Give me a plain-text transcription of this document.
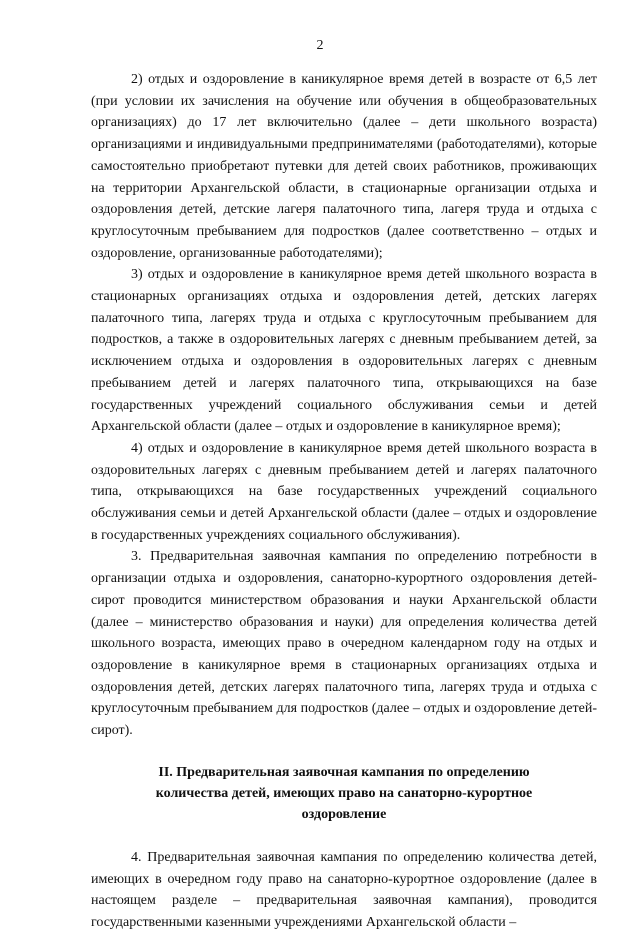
2

2) отдых и оздоровление в каникулярное время детей в возрасте от 6,5 лет (при условии их зачисления на обучение или обучения в общеобразовательных организациях) до 17 лет включительно (далее – дети школьного возраста) организациями и индивидуальными предпринимателями (работодателями), которые самостоятельно приобретают путевки для детей своих работников, проживающих на территории Архангельской области, в стационарные организации отдыха и оздоровления детей, детские лагеря палаточного типа, лагеря труда и отдыха с круглосуточным пребыванием для подростков (далее соответственно – отдых и оздоровление, организованные работодателями);

3) отдых и оздоровление в каникулярное время детей школьного возраста в стационарных организациях отдыха и оздоровления детей, детских лагерях палаточного типа, лагерях труда и отдыха с круглосуточным пребыванием для подростков, а также в оздоровительных лагерях с дневным пребыванием детей, за исключением отдыха и оздоровления в оздоровительных лагерях с дневным пребыванием детей и лагерях палаточного типа, открывающихся на базе государственных учреждений социального обслуживания семьи и детей Архангельской области (далее – отдых и оздоровление в каникулярное время);

4) отдых и оздоровление в каникулярное время детей школьного возраста в оздоровительных лагерях с дневным пребыванием детей и лагерях палаточного типа, открывающихся на базе государственных учреждений социального обслуживания семьи и детей Архангельской области (далее – отдых и оздоровление в государственных учреждениях социального обслуживания).

3. Предварительная заявочная кампания по определению потребности в организации отдыха и оздоровления, санаторно-курортного оздоровления детей-сирот проводится министерством образования и науки Архангельской области (далее – министерство образования и науки) для определения количества детей школьного возраста, имеющих право в очередном календарном году на отдых и оздоровление в каникулярное время в стационарных организациях отдыха и оздоровления детей, детских лагерях палаточного типа, лагерях труда и отдыха с круглосуточным пребыванием для подростков (далее – отдых и оздоровление детей-сирот).

II. Предварительная заявочная кампания по определению количества детей, имеющих право на санаторно-курортное оздоровление

4. Предварительная заявочная кампания по определению количества детей, имеющих в очередном году право на санаторно-курортное оздоровление (далее в настоящем разделе – предварительная заявочная кампания), проводится государственными казенными учреждениями Архангельской области –
